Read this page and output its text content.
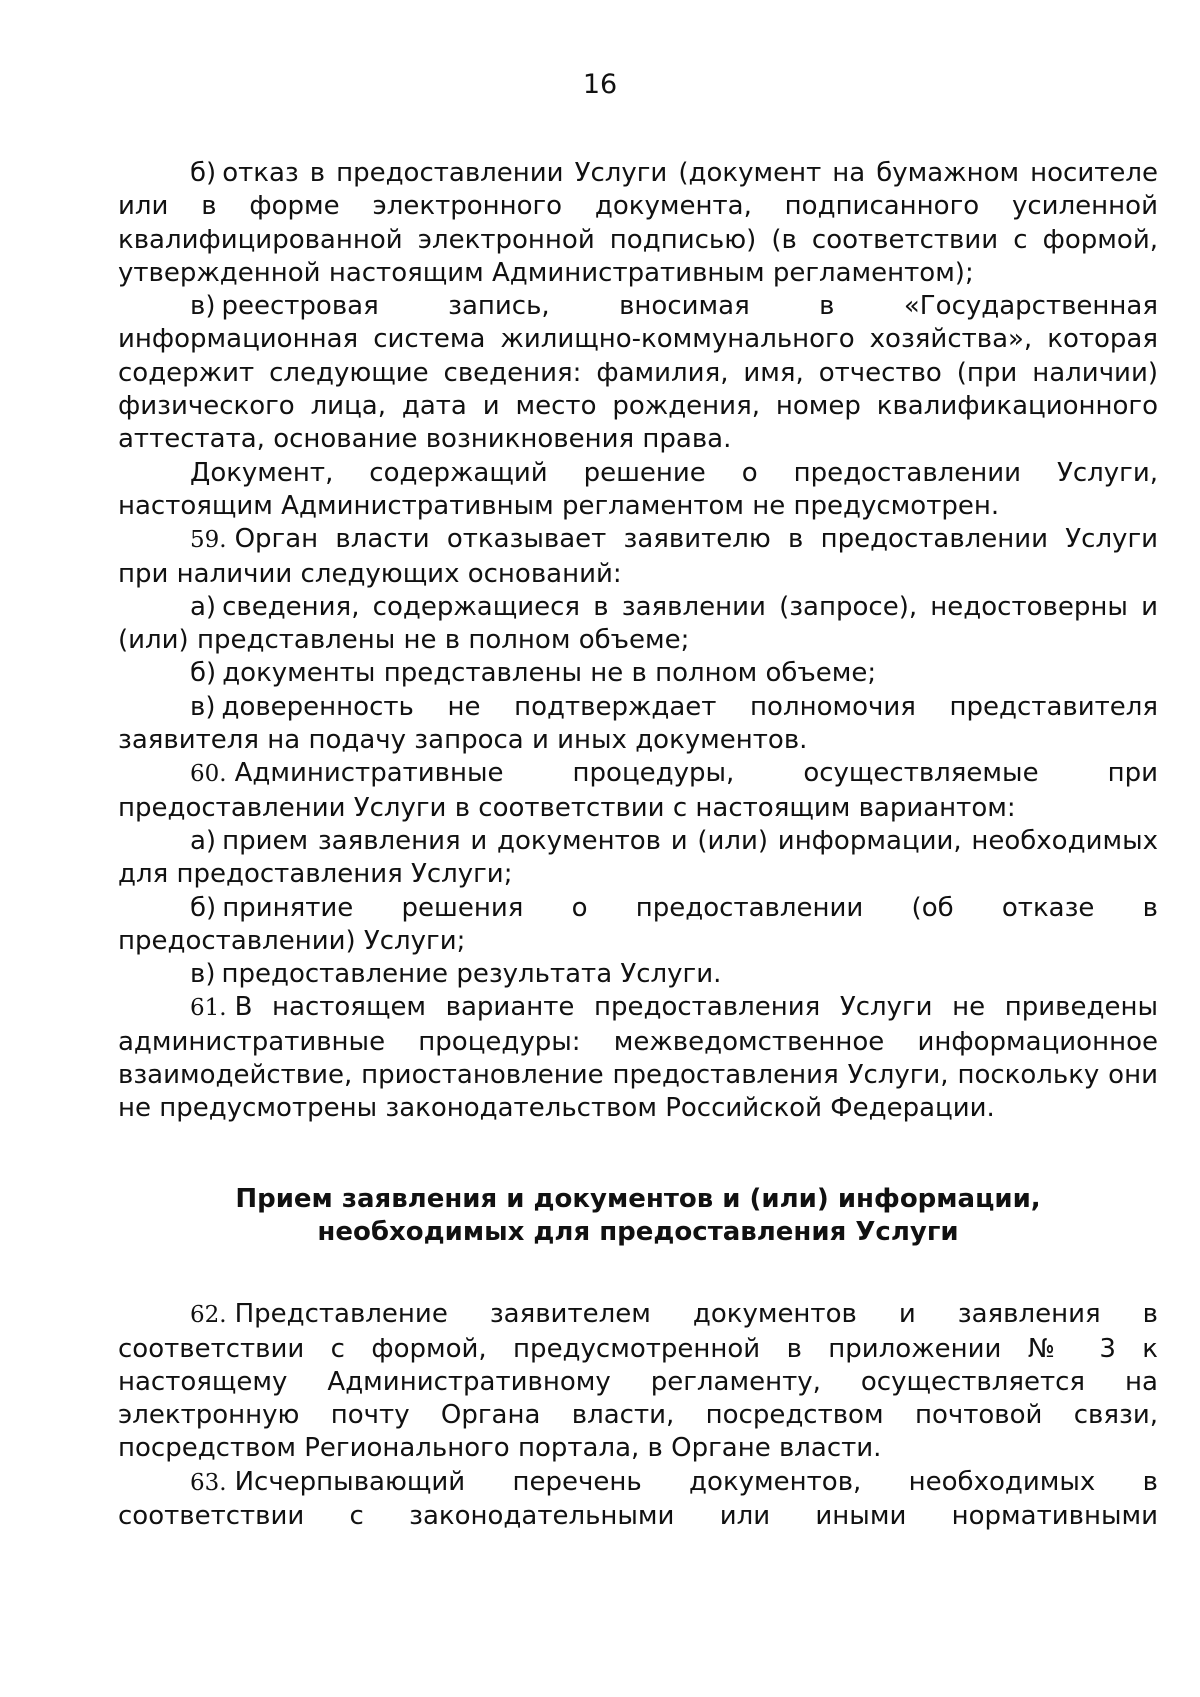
16

б) отказ в предоставлении Услуги (документ на бумажном носителе или в форме электронного документа, подписанного усиленной квалифицированной электронной подписью) (в соответствии с формой, утвержденной настоящим Административным регламентом);

в) реестровая запись, вносимая в «Государственная информационная система жилищно-коммунального хозяйства», которая содержит следующие сведения: фамилия, имя, отчество (при наличии) физического лица, дата и место рождения, номер квалификационного аттестата, основание возникновения права.

Документ, содержащий решение о предоставлении Услуги, настоящим Административным регламентом не предусмотрен.

59. Орган власти отказывает заявителю в предоставлении Услуги при наличии следующих оснований:

а) сведения, содержащиеся в заявлении (запросе), недостоверны и (или) представлены не в полном объеме;

б) документы представлены не в полном объеме;

в) доверенность не подтверждает полномочия представителя заявителя на подачу запроса и иных документов.

60. Административные процедуры, осуществляемые при предоставлении Услуги в соответствии с настоящим вариантом:

а) прием заявления и документов и (или) информации, необходимых для предоставления Услуги;

б) принятие решения о предоставлении (об отказе в предоставлении) Услуги;

в) предоставление результата Услуги.

61. В настоящем варианте предоставления Услуги не приведены административные процедуры: межведомственное информационное взаимодействие, приостановление предоставления Услуги, поскольку они не предусмотрены законодательством Российской Федерации.

Прием заявления и документов и (или) информации,
необходимых для предоставления Услуги

62. Представление заявителем документов и заявления в соответствии с формой, предусмотренной в приложении № 3 к настоящему Административному регламенту, осуществляется на электронную почту Органа власти, посредством почтовой связи, посредством Регионального портала, в Органе власти.

63. Исчерпывающий перечень документов, необходимых в соответствии с законодательными или иными нормативными
